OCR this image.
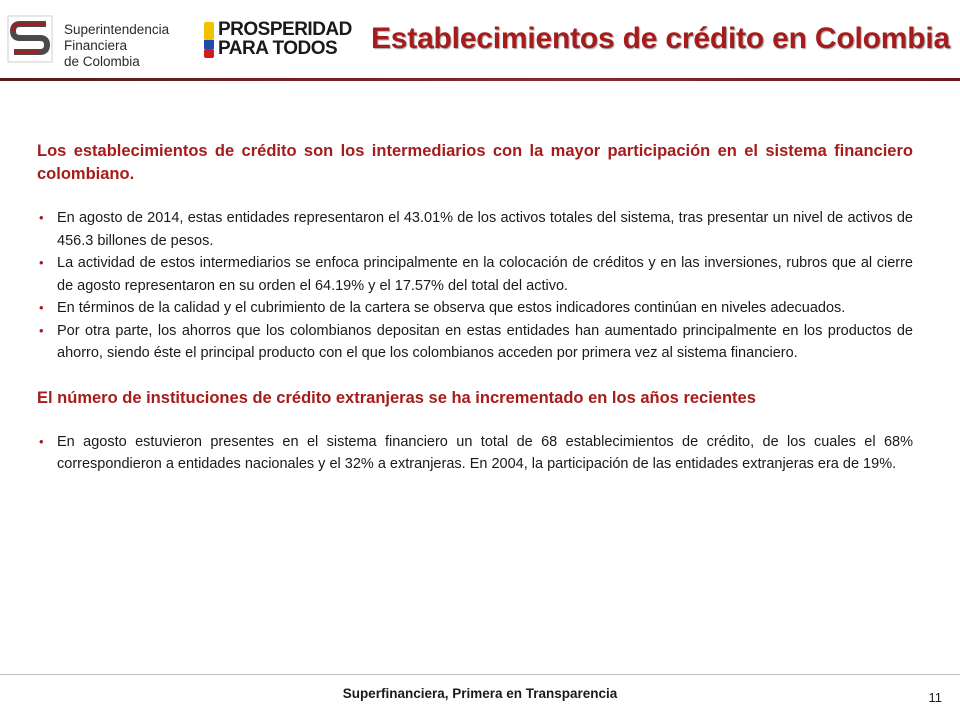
Superintendencia
Financiera
de Colombia
PROSPERIDAD
PARA TODOS	Establecimientos de crédito en Colombia

Los establecimientos de crédito son los intermediarios con la mayor participación en el sistema financiero colombiano.

• En agosto de 2014, estas entidades representaron el 43.01% de los activos totales del sistema, tras presentar un nivel de activos de 456.3 billones de pesos.
• La actividad de estos intermediarios se enfoca principalmente en la colocación de créditos y en las inversiones, rubros que al cierre de agosto representaron en su orden el 64.19% y el 17.57% del total del activo.
• En términos de la calidad y el cubrimiento de la cartera se observa que estos indicadores continúan en niveles adecuados.
• Por otra parte, los ahorros que los colombianos depositan en estas entidades han aumentado principalmente en los productos de ahorro, siendo éste el principal producto con el que los colombianos acceden por primera vez al sistema financiero.

El número de instituciones de crédito extranjeras se ha incrementado en los años recientes

• En agosto estuvieron presentes en el sistema financiero un total de 68 establecimientos de crédito, de los cuales el 68% correspondieron a entidades nacionales y el 32% a extranjeras. En 2004, la participación de las entidades extranjeras era de 19%.
Superfinanciera, Primera en Transparencia	11
